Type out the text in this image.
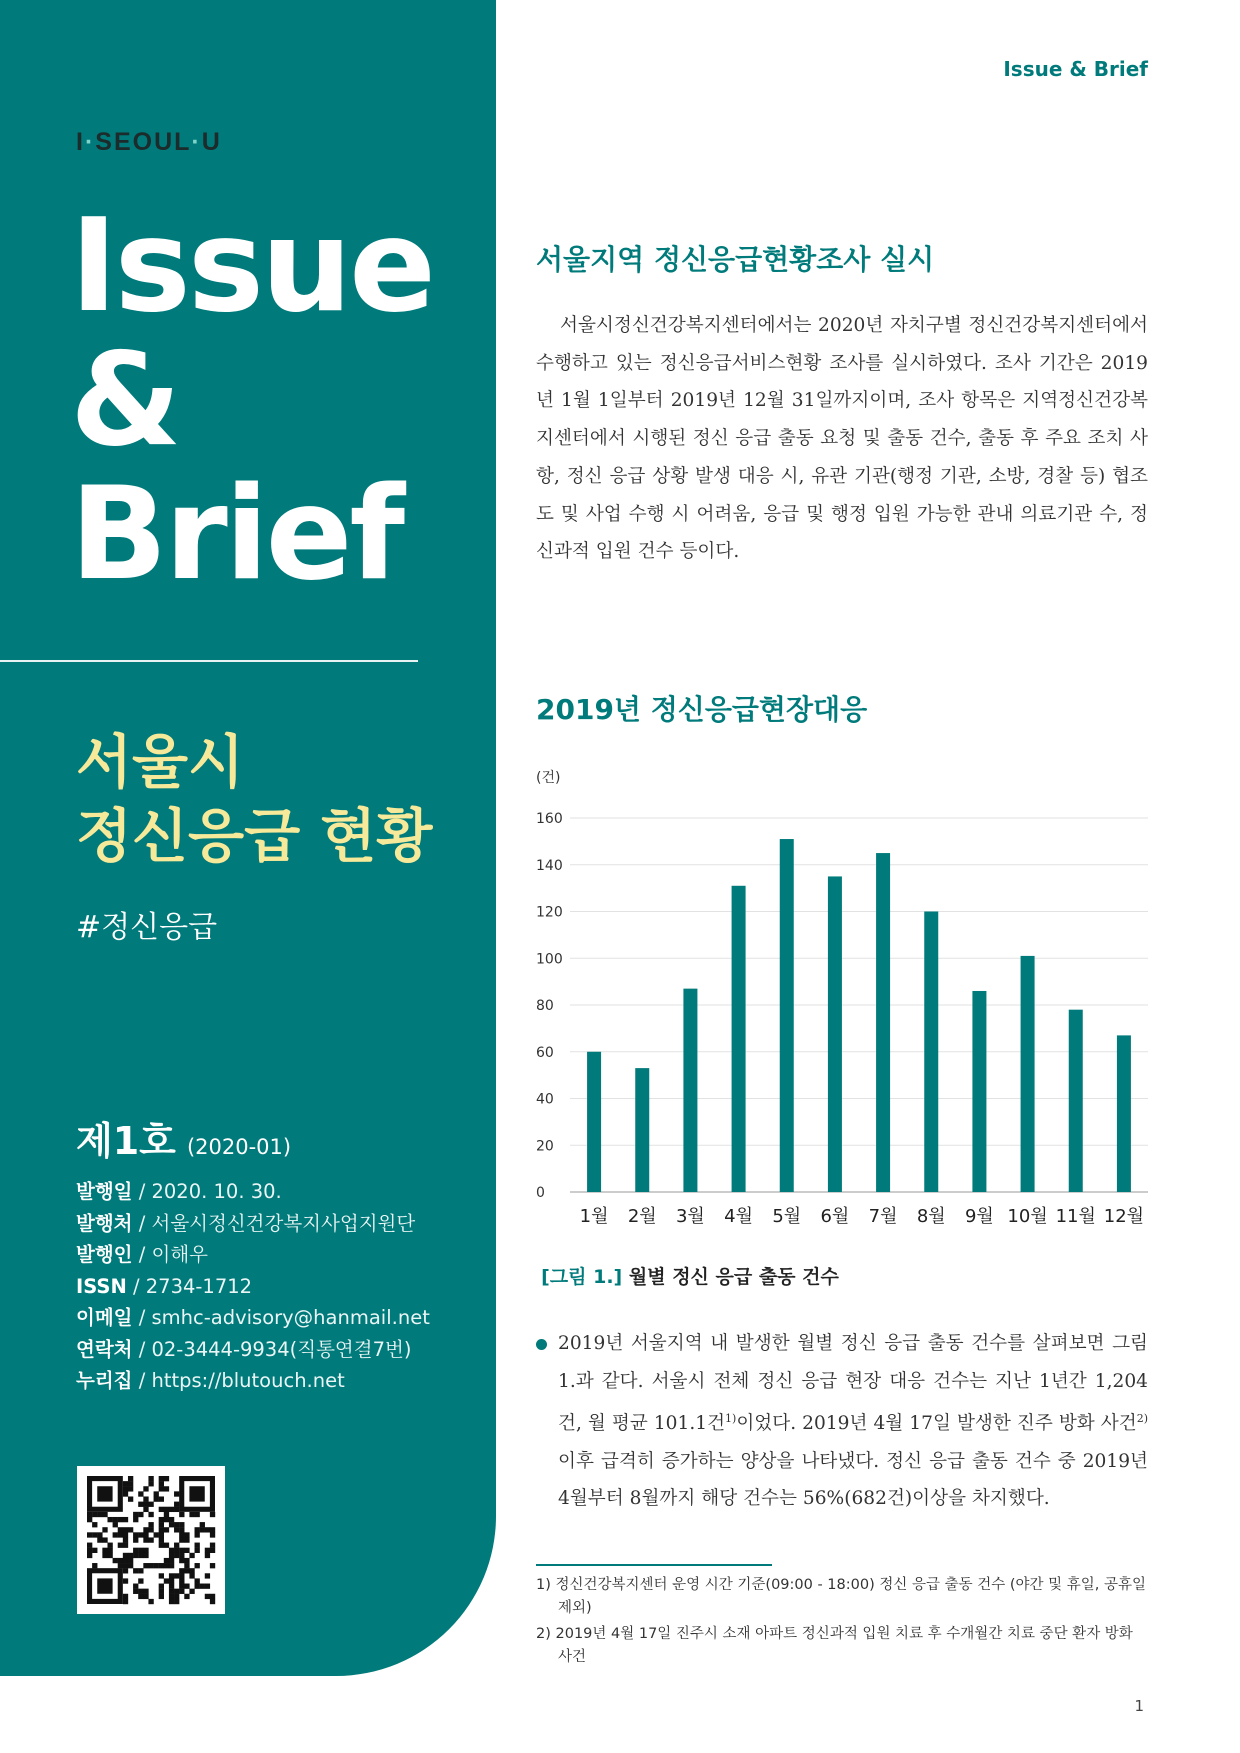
I·SEOUL·U
Issue
&
Brief
서울시
정신응급 현황
#정신응급
제1호 (2020-01)
발행일 / 2020. 10. 30.
발행처 / 서울시정신건강복지사업지원단
발행인 / 이해우
ISSN / 2734-1712
이메일 / smhc-advisory@hanmail.net
연락처 / 02-3444-9934(직통연결7번)
누리집 / https://blutouch.net
Issue & Brief
서울지역 정신응급현황조사 실시
서울시정신건강복지센터에서는 2020년 자치구별 정신건강복지센터에서 수행하고 있는 정신응급서비스현황 조사를 실시하였다. 조사 기간은 2019년 1월 1일부터 2019년 12월 31일까지이며, 조사 항목은 지역정신건강복지센터에서 시행된 정신 응급 출동 요청 및 출동 건수, 출동 후 주요 조치 사항, 정신 응급 상황 발생 대응 시, 유관 기관(행정 기관, 소방, 경찰 등) 협조도 및 사업 수행 시 어려움, 응급 및 행정 입원 가능한 관내 의료기관 수, 정신과적 입원 건수 등이다.
2019년 정신응급현장대응
(건)
0
20
40
60
80
100
120
140
160
1월 2월 3월 4월 5월 6월 7월 8월 9월 10월 11월 12월
[그림 1.] 월별 정신 응급 출동 건수
2019년 서울지역 내 발생한 월별 정신 응급 출동 건수를 살펴보면 그림1.과 같다. 서울시 전체 정신 응급 현장 대응 건수는 지난 1년간 1,204건, 월 평균 101.1건$^{1)}$이었다. 2019년 4월 17일 발생한 진주 방화 사건$^{2)}$ 이후 급격히 증가하는 양상을 나타냈다. 정신 응급 출동 건수 중 2019년 4월부터 8월까지 해당 건수는 56%(682건)이상을 차지했다.
1) 정신건강복지센터 운영 시간 기준(09:00 - 18:00) 정신 응급 출동 건수 (야간 및 휴일, 공휴일 제외)
2) 2019년 4월 17일 진주시 소재 아파트 정신과적 입원 치료 후 수개월간 치료 중단 환자 방화 사건
1
